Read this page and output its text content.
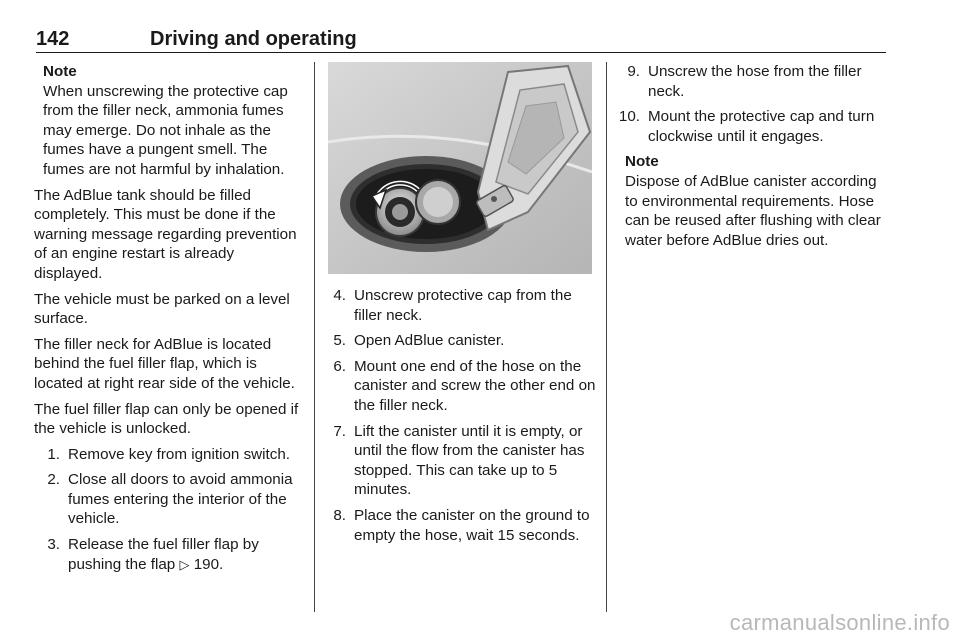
142	Driving and operating
Note
When unscrewing the protective cap from the filler neck, ammonia fumes may emerge. Do not inhale as the fumes have a pungent smell. The fumes are not harmful by inhalation.

The AdBlue tank should be filled completely. This must be done if the warning message regarding prevention of an engine restart is already displayed.

The vehicle must be parked on a level surface.

The filler neck for AdBlue is located behind the fuel filler flap, which is located at right rear side of the vehicle.

The fuel filler flap can only be opened if the vehicle is unlocked.

1. Remove key from ignition switch.
2. Close all doors to avoid ammonia fumes entering the interior of the vehicle.
3. Release the fuel filler flap by pushing the flap ▷ 190.
4. Unscrew protective cap from the filler neck.
5. Open AdBlue canister.
6. Mount one end of the hose on the canister and screw the other end on the filler neck.
7. Lift the canister until it is empty, or until the flow from the canister has stopped. This can take up to 5 minutes.
8. Place the canister on the ground to empty the hose, wait 15 seconds.
9. Unscrew the hose from the filler neck.
10. Mount the protective cap and turn clockwise until it engages.
Note
Dispose of AdBlue canister according to environmental requirements. Hose can be reused after flushing with clear water before AdBlue dries out.
carmanualsonline.info
